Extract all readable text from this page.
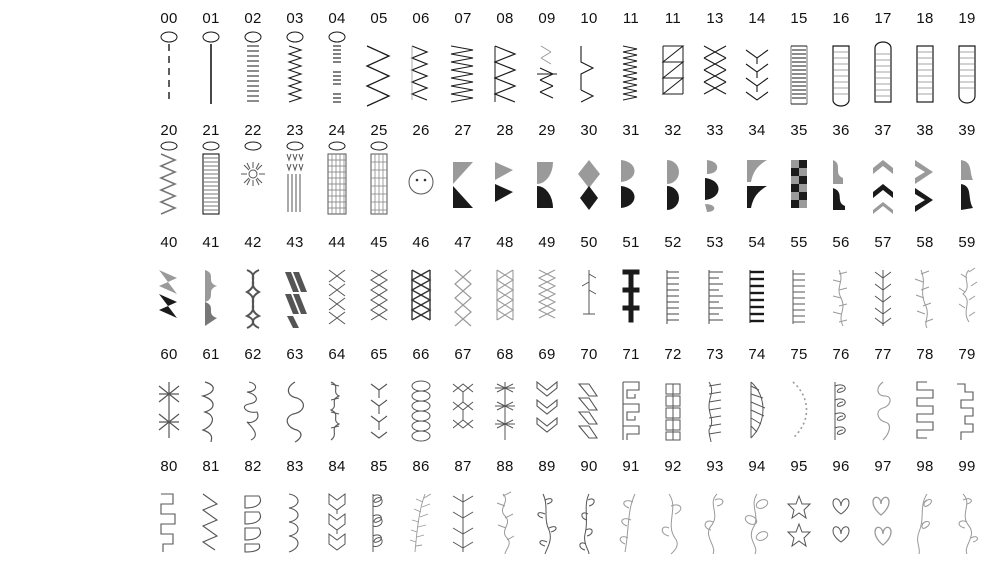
00 01 02 03 04 05 06 07 08 09 10 11 11 13 14 15 16 17 18 19
20 21 22 23 24 25 26 27 28 29 30 31 32 33 34 35 36 37 38 39
40 41 42 43 44 45 46 47 48 49 50 51 52 53 54 55 56 57 58 59
60 61 62 63 64 65 66 67 68 69 70 71 72 73 74 75 76 77 78 79
80 81 82 83 84 85 86 87 88 89 90 91 92 93 94 95 96 97 98 99
